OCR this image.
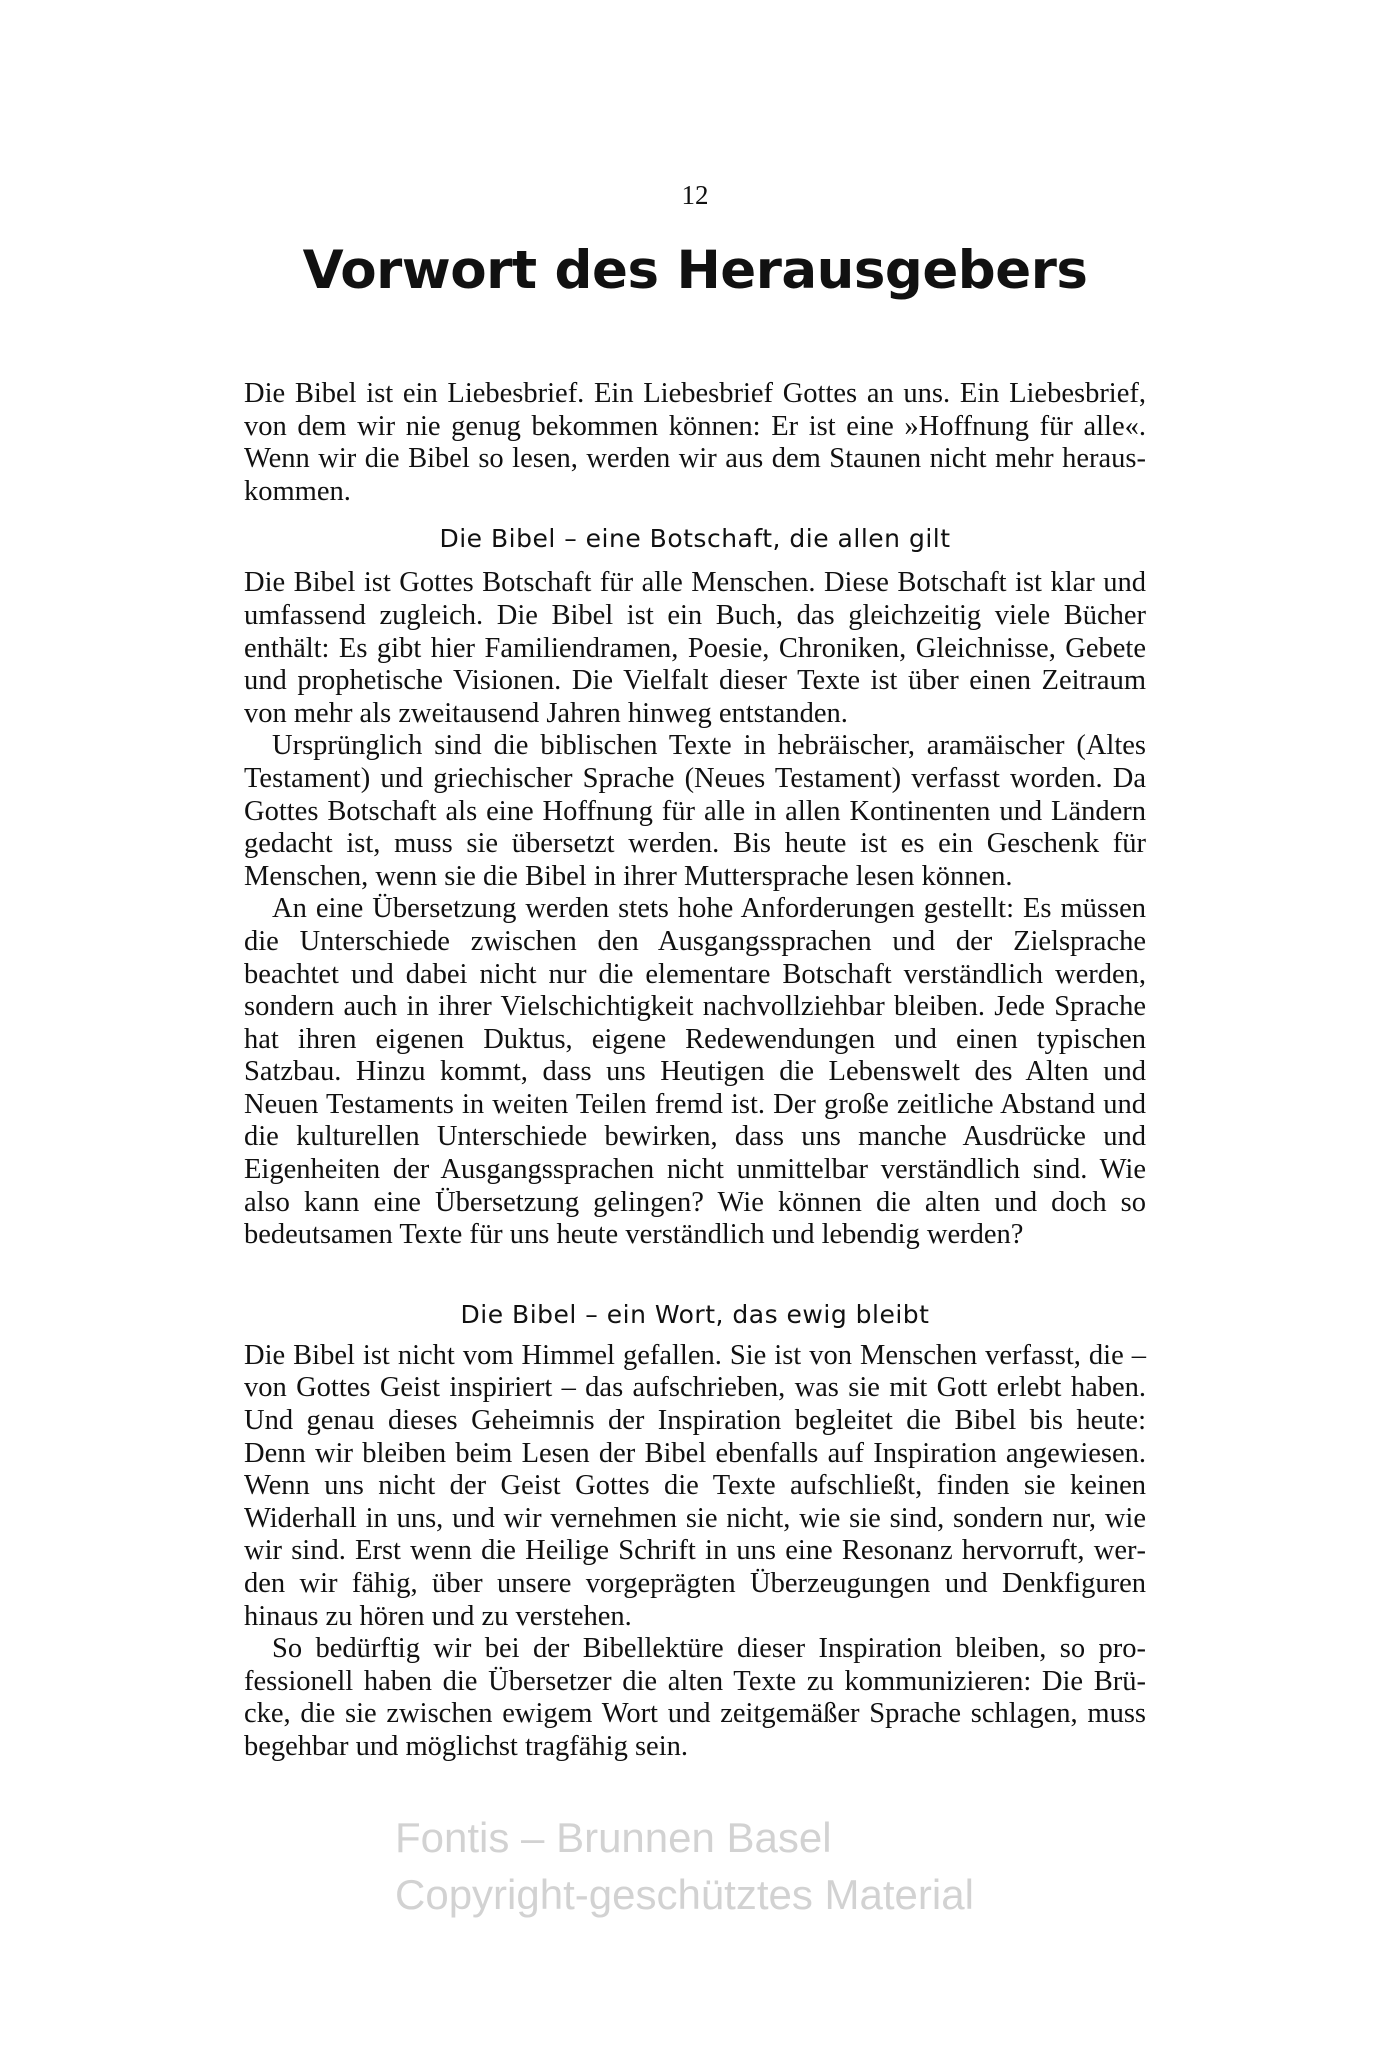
12
Vorwort des Herausgebers

Die Bibel ist ein Liebesbrief. Ein Liebesbrief Gottes an uns. Ein Liebesbrief, von dem wir nie genug bekommen können: Er ist eine »Hoffnung für alle«. Wenn wir die Bibel so lesen, werden wir aus dem Staunen nicht mehr herauskommen.

Die Bibel – eine Botschaft, die allen gilt

Die Bibel ist Gottes Botschaft für alle Menschen. Diese Botschaft ist klar und umfassend zugleich. Die Bibel ist ein Buch, das gleichzeitig viele Bücher enthält: Es gibt hier Familiendramen, Poesie, Chroniken, Gleichnisse, Gebete und prophetische Visionen. Die Vielfalt dieser Texte ist über einen Zeitraum von mehr als zweitausend Jahren hinweg entstanden.

Ursprünglich sind die biblischen Texte in hebräischer, aramäischer (Altes Testament) und griechischer Sprache (Neues Testament) verfasst worden. Da Gottes Botschaft als eine Hoffnung für alle in allen Kontinenten und Ländern gedacht ist, muss sie übersetzt werden. Bis heute ist es ein Geschenk für Menschen, wenn sie die Bibel in ihrer Muttersprache lesen können.

An eine Übersetzung werden stets hohe Anforderungen gestellt: Es müssen die Unterschiede zwischen den Ausgangssprachen und der Zielsprache beachtet und dabei nicht nur die elementare Botschaft verständlich werden, sondern auch in ihrer Vielschichtigkeit nachvollziehbar bleiben. Jede Sprache hat ihren eigenen Duktus, eigene Redewendungen und einen typischen Satzbau. Hinzu kommt, dass uns Heutigen die Lebenswelt des Alten und Neuen Testaments in weiten Teilen fremd ist. Der große zeitliche Abstand und die kulturellen Unterschiede bewirken, dass uns manche Ausdrücke und Eigenheiten der Ausgangssprachen nicht unmittelbar verständlich sind. Wie also kann eine Übersetzung gelingen? Wie können die alten und doch so bedeutsamen Texte für uns heute verständlich und lebendig werden?

Die Bibel – ein Wort, das ewig bleibt

Die Bibel ist nicht vom Himmel gefallen. Sie ist von Menschen verfasst, die – von Gottes Geist inspiriert – das aufschrieben, was sie mit Gott erlebt haben. Und genau dieses Geheimnis der Inspiration begleitet die Bibel bis heute: Denn wir bleiben beim Lesen der Bibel ebenfalls auf Inspiration angewiesen. Wenn uns nicht der Geist Gottes die Texte aufschließt, finden sie keinen Widerhall in uns, und wir vernehmen sie nicht, wie sie sind, sondern nur, wie wir sind. Erst wenn die Heilige Schrift in uns eine Resonanz hervorruft, werden wir fähig, über unsere vorgeprägten Überzeugungen und Denkfiguren hinaus zu hören und zu verstehen.

So bedürftig wir bei der Bibellektüre dieser Inspiration bleiben, so professionell haben die Übersetzer die alten Texte zu kommunizieren: Die Brücke, die sie zwischen ewigem Wort und zeitgemäßer Sprache schlagen, muss begehbar und möglichst tragfähig sein.

Fontis – Brunnen Basel
Copyright-geschütztes Material
